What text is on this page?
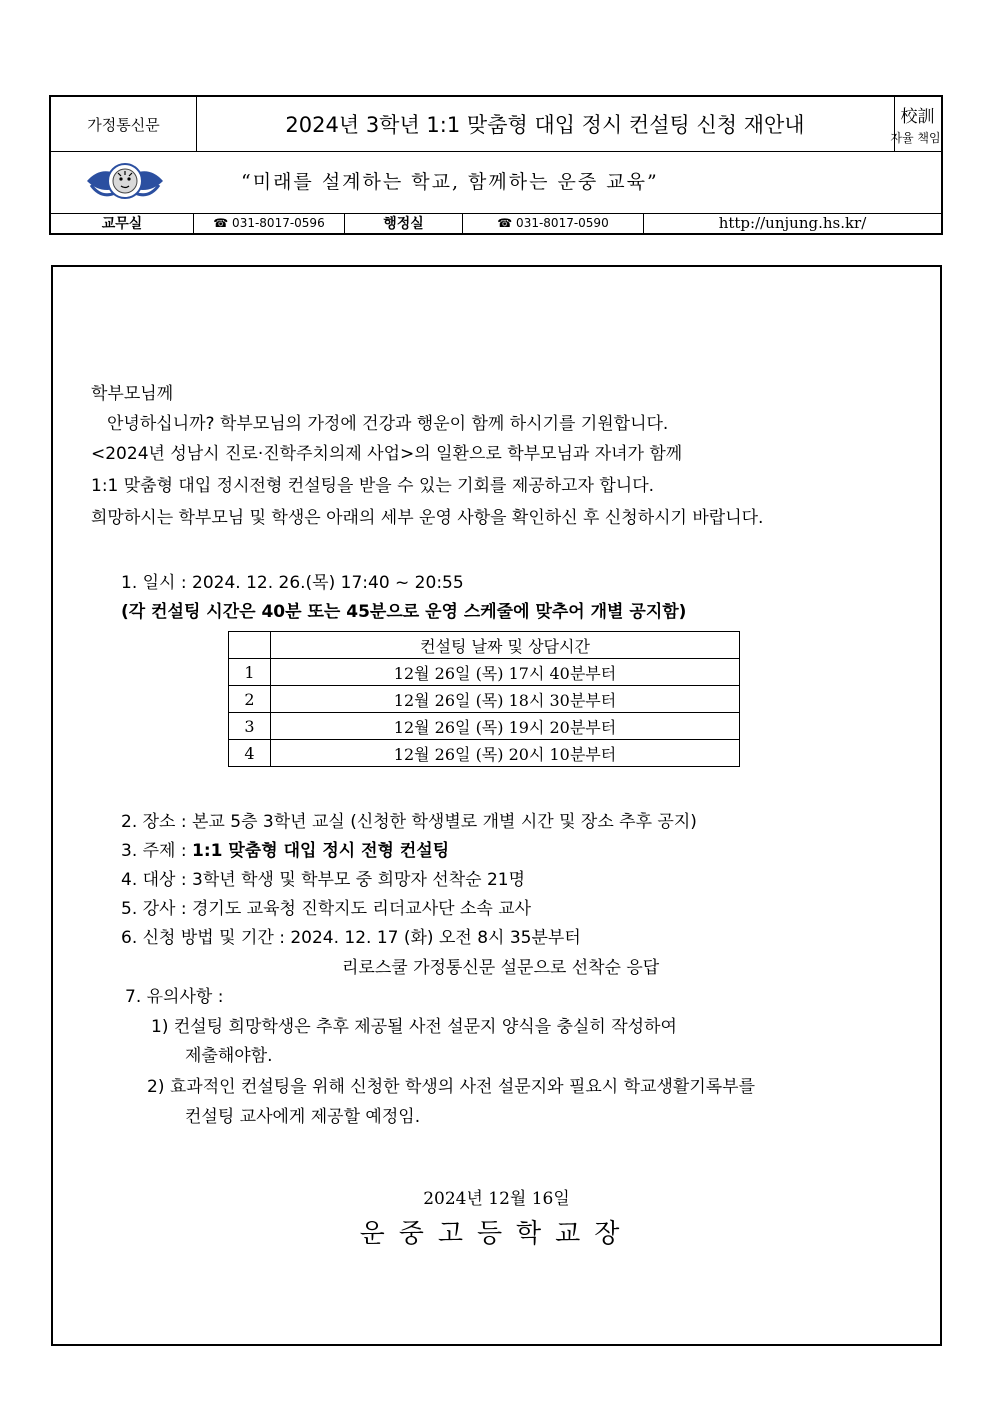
가정통신문	2024년 3학년 1:1 맞춤형 대입 정시 컨설팅 신청 재안내	校訓
자율 책임
“미래를 설계하는 학교, 함께하는 운중 교육”
교무실	☎ 031-8017-0596	행정실	☎ 031-8017-0590	http://unjung.hs.kr/
학부모님께
안녕하십니까? 학부모님의 가정에 건강과 행운이 함께 하시기를 기원합니다.
<2024년 성남시 진로·진학주치의제 사업>의 일환으로 학부모님과 자녀가 함께
1:1 맞춤형 대입 정시전형 컨설팅을 받을 수 있는 기회를 제공하고자 합니다.
희망하시는 학부모님 및 학생은 아래의 세부 운영 사항을 확인하신 후 신청하시기 바랍니다.
1. 일시 : 2024. 12. 26.(목) 17:40 ~ 20:55
(각 컨설팅 시간은 40분 또는 45분으로 운영 스케줄에 맞추어 개별 공지함)
	컨설팅 날짜 및 상담시간
1	12월 26일 (목) 17시 40분부터
2	12월 26일 (목) 18시 30분부터
3	12월 26일 (목) 19시 20분부터
4	12월 26일 (목) 20시 10분부터
2. 장소 : 본교 5층 3학년 교실 (신청한 학생별로 개별 시간 및 장소 추후 공지)
3. 주제 : 1:1 맞춤형 대입 정시 전형 컨설팅
4. 대상 : 3학년 학생 및 학부모 중 희망자 선착순 21명
5. 강사 : 경기도 교육청 진학지도 리더교사단 소속 교사
6. 신청 방법 및 기간 : 2024. 12. 17 (화) 오전 8시 35분부터
리로스쿨 가정통신문 설문으로 선착순 응답
7. 유의사항 :
1) 컨설팅 희망학생은 추후 제공될 사전 설문지 양식을 충실히 작성하여
제출해야함.
2) 효과적인 컨설팅을 위해 신청한 학생의 사전 설문지와 필요시 학교생활기록부를
컨설팅 교사에게 제공할 예정임.
2024년 12월 16일
운중고등학교장
